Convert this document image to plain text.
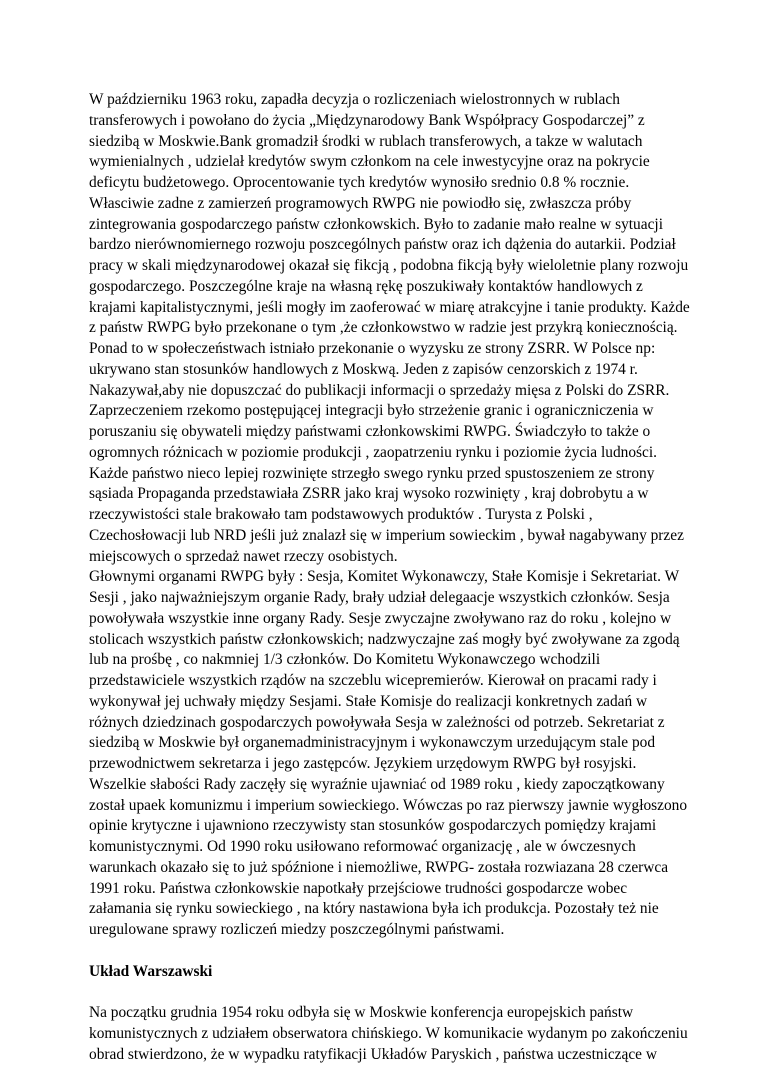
W październiku 1963 roku, zapadła decyzja o rozliczeniach wielostronnych w rublach
transferowych i powołano do życia „Międzynarodowy Bank Współpracy Gospodarczej” z
siedzibą w Moskwie.Bank gromadził środki w rublach transferowych, a takze w walutach
wymienialnych , udzielał kredytów swym członkom na cele inwestycyjne oraz na pokrycie
deficytu budżetowego. Oprocentowanie tych kredytów wynosiło srednio 0.8 % rocznie.
Własciwie zadne z zamierzeń programowych RWPG nie powiodło się, zwłaszcza próby
zintegrowania gospodarczego państw członkowskich. Było to zadanie mało realne w sytuacji
bardzo nierównomiernego rozwoju poszcególnych państw oraz ich dążenia do autarkii. Podział
pracy w skali międzynarodowej okazał się fikcją , podobna fikcją były wieloletnie plany rozwoju
gospodarczego. Poszczególne kraje na własną rękę poszukiwały kontaktów handlowych z
krajami kapitalistycznymi, jeśli mogły im zaoferować w miarę atrakcyjne i tanie produkty. Każde
z państw RWPG było przekonane o tym ,że członkowstwo w radzie jest przykrą koniecznością.
Ponad to w społeczeństwach istniało przekonanie o wyzysku ze strony ZSRR. W Polsce np:
ukrywano stan stosunków handlowych z Moskwą. Jeden z zapisów cenzorskich z 1974 r.
Nakazywał,aby nie dopuszczać do publikacji informacji o sprzedaży mięsa z Polski do ZSRR.
Zaprzeczeniem rzekomo postępującej integracji było strzeżenie granic i ograniczniczenia w
poruszaniu się obywateli między państwami członkowskimi RWPG. Świadczyło to także o
ogromnych różnicach w poziomie produkcji , zaopatrzeniu rynku i poziomie życia ludności.
Każde państwo nieco lepiej rozwinięte strzegło swego rynku przed spustoszeniem ze strony
sąsiada Propaganda przedstawiała ZSRR jako kraj wysoko rozwinięty , kraj dobrobytu a w
rzeczywistości stale brakowało tam podstawowych produktów . Turysta z Polski ,
Czechosłowacji lub NRD jeśli już znalazł się w imperium sowieckim , bywał nagabywany przez
miejscowych o sprzedaż nawet rzeczy osobistych.
Głownymi organami RWPG były : Sesja, Komitet Wykonawczy, Stałe Komisje i Sekretariat. W
Sesji , jako najważniejszym organie Rady, brały udział delegaacje wszystkich członków. Sesja
powoływała wszystkie inne organy Rady. Sesje zwyczajne zwoływano raz do roku , kolejno w
stolicach wszystkich państw członkowskich; nadzwyczajne zaś mogły być zwoływane za zgodą
lub na prośbę , co nakmniej 1/3 członków. Do Komitetu Wykonawczego wchodzili
przedstawiciele wszystkich rządów na szczeblu wicepremierów. Kierował on pracami rady i
wykonywał jej uchwały między Sesjami. Stałe Komisje do realizacji konkretnych zadań w
różnych dziedzinach gospodarczych powoływała Sesja w zależności od potrzeb. Sekretariat z
siedzibą w Moskwie był organemadministracyjnym i wykonawczym urzedującym stale pod
przewodnictwem sekretarza i jego zastępców. Językiem urzędowym RWPG był rosyjski.
Wszelkie słabości Rady zaczęły się wyraźnie ujawniać od 1989 roku , kiedy zapoczątkowany
został upaek komunizmu i imperium sowieckiego. Wówczas po raz pierwszy jawnie wygłoszono
opinie krytyczne i ujawniono rzeczywisty stan stosunków gospodarczych pomiędzy krajami
komunistycznymi. Od 1990 roku usiłowano reformować organizację , ale w ówczesnych
warunkach okazało się to już spóźnione i niemożliwe, RWPG- została rozwiazana 28 czerwca
1991 roku. Państwa członkowskie napotkały przejściowe trudności gospodarcze wobec
załamania się rynku sowieckiego , na który nastawiona była ich produkcja. Pozostały też nie
uregulowane sprawy rozliczeń miedzy poszczególnymi państwami.
Układ Warszawski
Na początku grudnia 1954 roku odbyła się w Moskwie konferencja europejskich państw
komunistycznych z udziałem obserwatora chińskiego. W komunikacie wydanym po zakończeniu
obrad stwierdzono, że w wypadku ratyfikacji Układów Paryskich , państwa uczestniczące w
